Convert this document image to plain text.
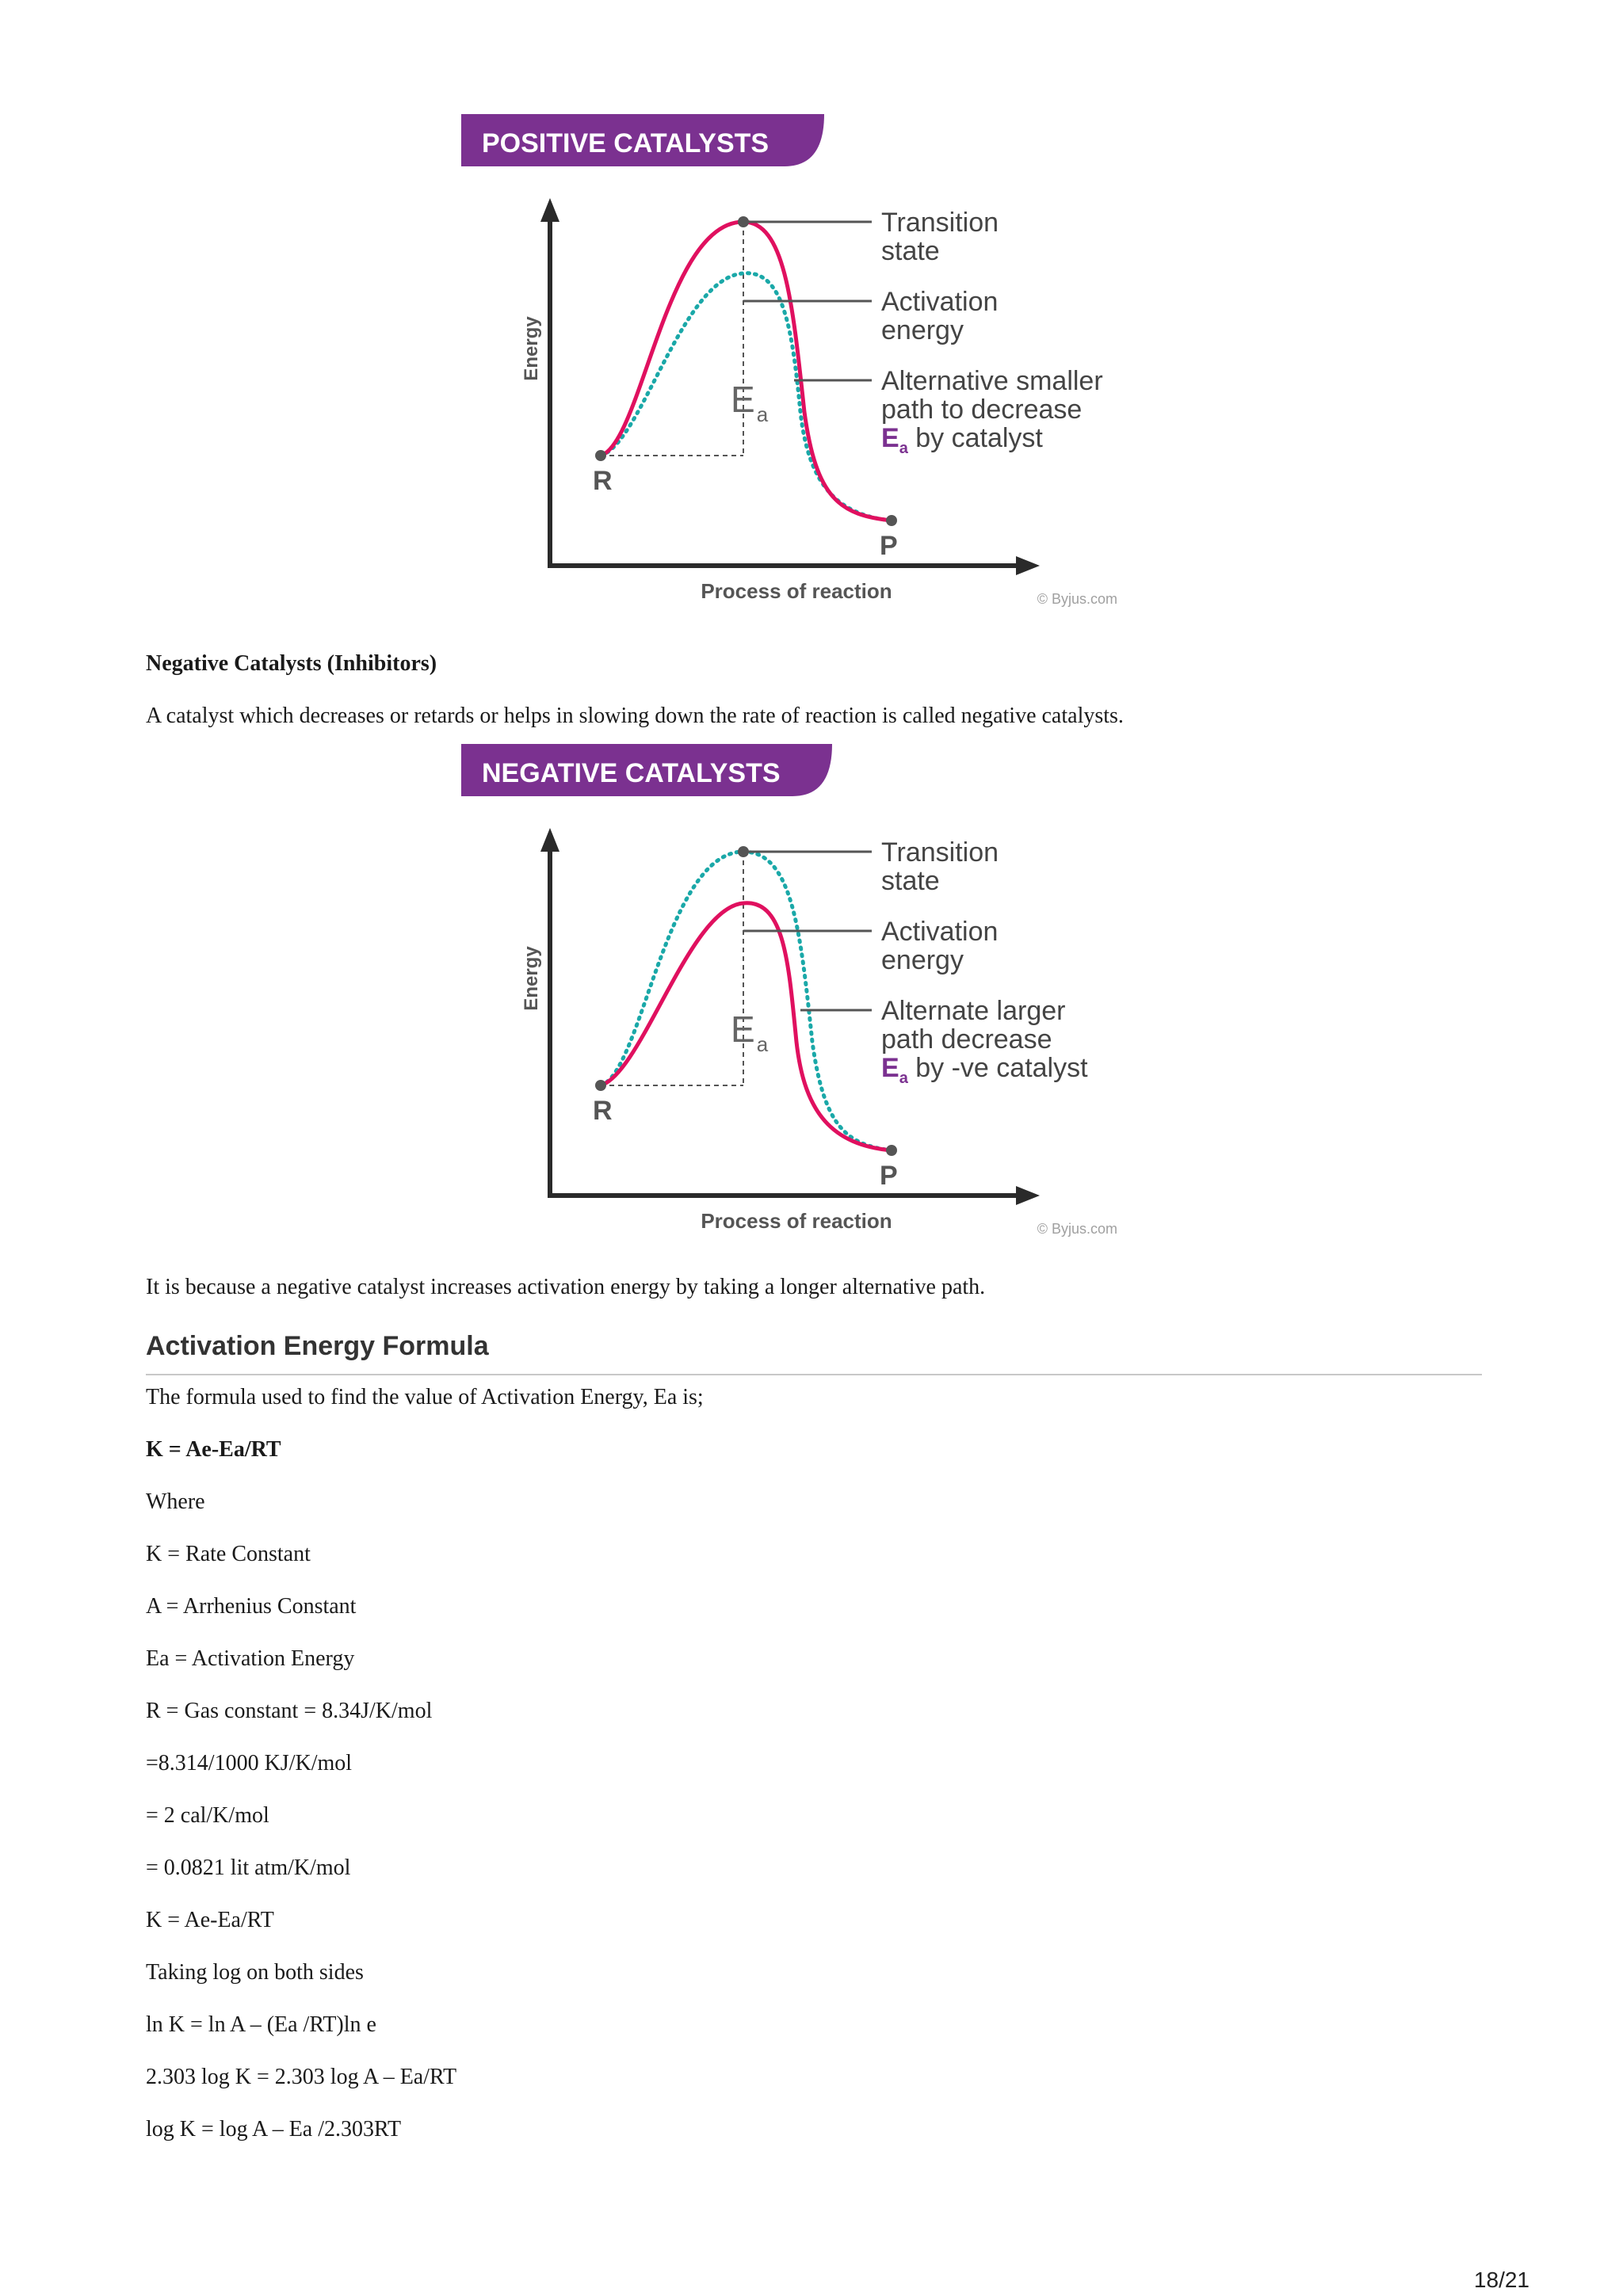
POSITIVE CATALYSTS
Energy
Process of reaction	© Byjus.com
R
P
$E_a$
Transition state
Activation energy
Alternative smaller path to decrease $E_a$ by catalyst

Negative Catalysts (Inhibitors)

A catalyst which decreases or retards or helps in slowing down the rate of reaction is called negative catalysts.

NEGATIVE CATALYSTS
Energy
Process of reaction	© Byjus.com
R
P
$E_a$
Transition state
Activation energy
Alternate larger path decrease $E_a$ by -ve catalyst

It is because a negative catalyst increases activation energy by taking a longer alternative path.

Activation Energy Formula

The formula used to find the value of Activation Energy, Ea is;

K = Ae-Ea/RT

Where

K = Rate Constant

A = Arrhenius Constant

Ea = Activation Energy

R = Gas constant = 8.34J/K/mol

=8.314/1000 KJ/K/mol

= 2 cal/K/mol

= 0.0821 lit atm/K/mol

K = Ae-Ea/RT

Taking log on both sides

ln K = ln A – (Ea /RT)ln e

2.303 log K = 2.303 log A – Ea/RT

log K = log A – Ea /2.303RT

18/21
